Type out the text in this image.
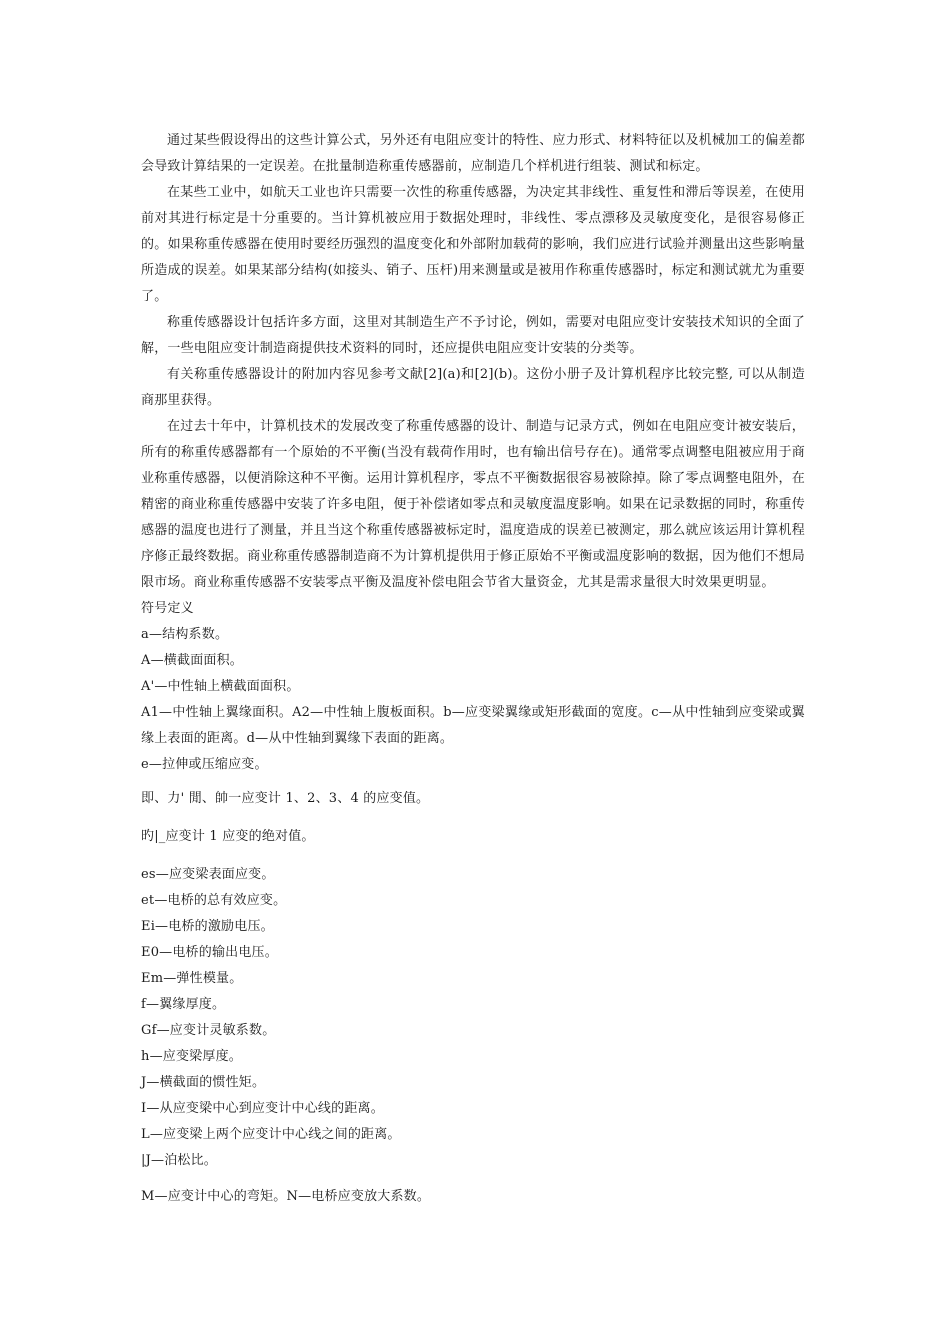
通过某些假设得出的这些计算公式，另外还有电阻应变计的特性、应力形式、材料特征以及机械加工的偏差都会导致计算结果的一定误差。在批量制造称重传感器前，应制造几个样机进行组装、测试和标定。

在某些工业中，如航天工业也许只需要一次性的称重传感器，为决定其非线性、重复性和滞后等误差，在使用前对其进行标定是十分重要的。当计算机被应用于数据处理时，非线性、零点漂移及灵敏度变化，是很容易修正的。如果称重传感器在使用时要经历强烈的温度变化和外部附加载荷的影响，我们应进行试验并测量出这些影响量所造成的误差。如果某部分结构(如接头、销子、压杆)用来测量或是被用作称重传感器时，标定和测试就尤为重要了。

称重传感器设计包括许多方面，这里对其制造生产不予讨论，例如，需要对电阻应变计安装技术知识的全面了解，一些电阻应变计制造商提供技术资料的同时，还应提供电阻应变计安装的分类等。

有关称重传感器设计的附加内容见参考文献[2](a)和[2](b)。这份小册子及计算机程序比较完整, 可以从制造商那里获得。

在过去十年中，计算机技术的发展改变了称重传感器的设计、制造与记录方式，例如在电阻应变计被安装后，所有的称重传感器都有一个原始的不平衡(当没有载荷作用时，也有输出信号存在)。通常零点调整电阻被应用于商业称重传感器，以便消除这种不平衡。运用计算机程序，零点不平衡数据很容易被除掉。除了零点调整电阻外，在精密的商业称重传感器中安装了许多电阻，便于补偿诸如零点和灵敏度温度影响。如果在记录数据的同时，称重传感器的温度也进行了测量，并且当这个称重传感器被标定时，温度造成的误差已被测定，那么就应该运用计算机程序修正最终数据。商业称重传感器制造商不为计算机提供用于修正原始不平衡或温度影响的数据，因为他们不想局限市场。商业称重传感器不安装零点平衡及温度补偿电阻会节省大量资金，尤其是需求量很大时效果更明显。

符号定义

a—结构系数。

A—横截面面积。

A'—中性轴上横截面面积。

A1—中性轴上翼缘面积。A2—中性轴上腹板面积。b—应变梁翼缘或矩形截面的宽度。c—从中性轴到应变梁或翼缘上表面的距离。d—从中性轴到翼缘下表面的距离。

e—拉伸或压缩应变。

即、力' 閒、帥一应变计 1、2、3、4 的应变值。

旳|_应变计 1 应变的绝对值。

es—应变梁表面应变。

et—电桥的总有效应变。

Ei—电桥的激励电压。

E0—电桥的输出电压。

Em—弹性模量。

f—翼缘厚度。

Gf—应变计灵敏系数。

h—应变梁厚度。

J—横截面的惯性矩。

I—从应变梁中心到应变计中心线的距离。

L—应变梁上两个应变计中心线之间的距离。

|J—泊松比。

M—应变计中心的弯矩。N—电桥应变放大系数。
